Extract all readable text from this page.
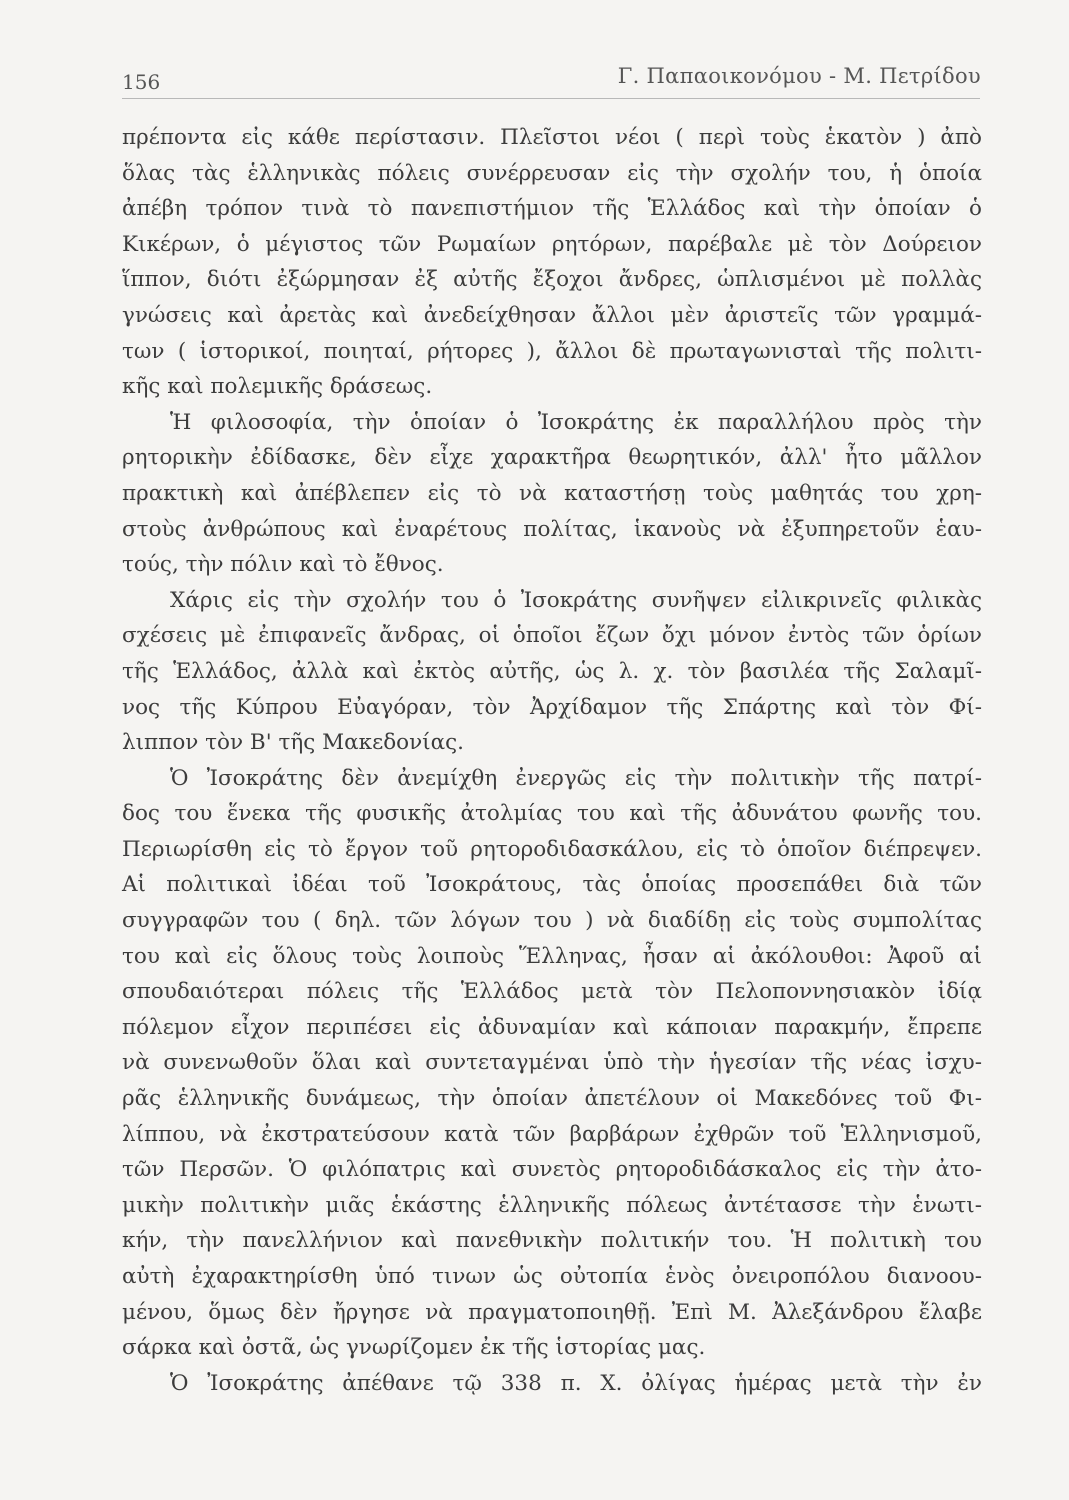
156	Γ. Παπαοικονόμου - Μ. Πετρίδου

πρέποντα εἰς κάθε περίστασιν. Πλεῖστοι νέοι ( περὶ τοὺς ἑκατὸν ) ἀπὸ

ὅλας τὰς ἑλληνικὰς πόλεις συνέρρευσαν εἰς τὴν σχολήν του, ἡ ὁποία

ἀπέβη τρόπον τινὰ τὸ πανεπιστήμιον τῆς Ἑλλάδος καὶ τὴν ὁποίαν ὁ

Κικέρων, ὁ μέγιστος τῶν Ρωμαίων ρητόρων, παρέβαλε μὲ τὸν Δούρειον

ἵππον, διότι ἐξώρμησαν ἐξ αὐτῆς ἔξοχοι ἄνδρες, ὡπλισμένοι μὲ πολλὰς

γνώσεις καὶ ἀρετὰς καὶ ἀνεδείχθησαν ἄλλοι μὲν ἀριστεῖς τῶν γραμμά-

των ( ἱστορικοί, ποιηταί, ρήτορες ), ἄλλοι δὲ πρωταγωνισταὶ τῆς πολιτι-

κῆς καὶ πολεμικῆς δράσεως.

Ἡ φιλοσοφία, τὴν ὁποίαν ὁ Ἰσοκράτης ἐκ παραλλήλου πρὸς τὴν

ρητορικὴν ἐδίδασκε, δὲν εἶχε χαρακτῆρα θεωρητικόν, ἀλλ' ἦτο μᾶλλον

πρακτικὴ καὶ ἀπέβλεπεν εἰς τὸ νὰ καταστήσῃ τοὺς μαθητάς του χρη-

στοὺς ἀνθρώπους καὶ ἐναρέτους πολίτας, ἱκανοὺς νὰ ἐξυπηρετοῦν ἑαυ-

τούς, τὴν πόλιν καὶ τὸ ἔθνος.

Χάρις εἰς τὴν σχολήν του ὁ Ἰσοκράτης συνῆψεν εἰλικρινεῖς φιλικὰς

σχέσεις μὲ ἐπιφανεῖς ἄνδρας, οἱ ὁποῖοι ἔζων ὄχι μόνον ἐντὸς τῶν ὁρίων

τῆς Ἑλλάδος, ἀλλὰ καὶ ἐκτὸς αὐτῆς, ὡς λ. χ. τὸν βασιλέα τῆς Σαλαμῖ-

νος τῆς Κύπρου Εὐαγόραν, τὸν Ἀρχίδαμον τῆς Σπάρτης καὶ τὸν Φί-

λιππον τὸν Β' τῆς Μακεδονίας.

Ὁ Ἰσοκράτης δὲν ἀνεμίχθη ἐνεργῶς εἰς τὴν πολιτικὴν τῆς πατρί-

δος του ἕνεκα τῆς φυσικῆς ἀτολμίας του καὶ τῆς ἀδυνάτου φωνῆς του.

Περιωρίσθη εἰς τὸ ἔργον τοῦ ρητοροδιδασκάλου, εἰς τὸ ὁποῖον διέπρεψεν.

Αἱ πολιτικαὶ ἰδέαι τοῦ Ἰσοκράτους, τὰς ὁποίας προσεπάθει διὰ τῶν

συγγραφῶν του ( δηλ. τῶν λόγων του ) νὰ διαδίδῃ εἰς τοὺς συμπολίτας

του καὶ εἰς ὅλους τοὺς λοιποὺς Ἕλληνας, ἦσαν αἱ ἀκόλουθοι: Ἀφοῦ αἱ

σπουδαιότεραι πόλεις τῆς Ἑλλάδος μετὰ τὸν Πελοποννησιακὸν ἰδίᾳ

πόλεμον εἶχον περιπέσει εἰς ἀδυναμίαν καὶ κάποιαν παρακμήν, ἔπρεπε

νὰ συνενωθοῦν ὅλαι καὶ συντεταγμέναι ὑπὸ τὴν ἡγεσίαν τῆς νέας ἰσχυ-

ρᾶς ἑλληνικῆς δυνάμεως, τὴν ὁποίαν ἀπετέλουν οἱ Μακεδόνες τοῦ Φι-

λίππου, νὰ ἐκστρατεύσουν κατὰ τῶν βαρβάρων ἐχθρῶν τοῦ Ἑλληνισμοῦ,

τῶν Περσῶν. Ὁ φιλόπατρις καὶ συνετὸς ρητοροδιδάσκαλος εἰς τὴν ἀτο-

μικὴν πολιτικὴν μιᾶς ἑκάστης ἑλληνικῆς πόλεως ἀντέτασσε τὴν ἑνωτι-

κήν, τὴν πανελλήνιον καὶ πανεθνικὴν πολιτικήν του. Ἡ πολιτικὴ του

αὐτὴ ἐχαρακτηρίσθη ὑπό τινων ὡς οὐτοπία ἑνὸς ὀνειροπόλου διανοου-

μένου, ὅμως δὲν ἤργησε νὰ πραγματοποιηθῇ. Ἐπὶ Μ. Ἀλεξάνδρου ἔλαβε

σάρκα καὶ ὀστᾶ, ὡς γνωρίζομεν ἐκ τῆς ἱστορίας μας.

Ὁ Ἰσοκράτης ἀπέθανε τῷ 338 π. Χ. ὀλίγας ἡμέρας μετὰ τὴν ἐν
